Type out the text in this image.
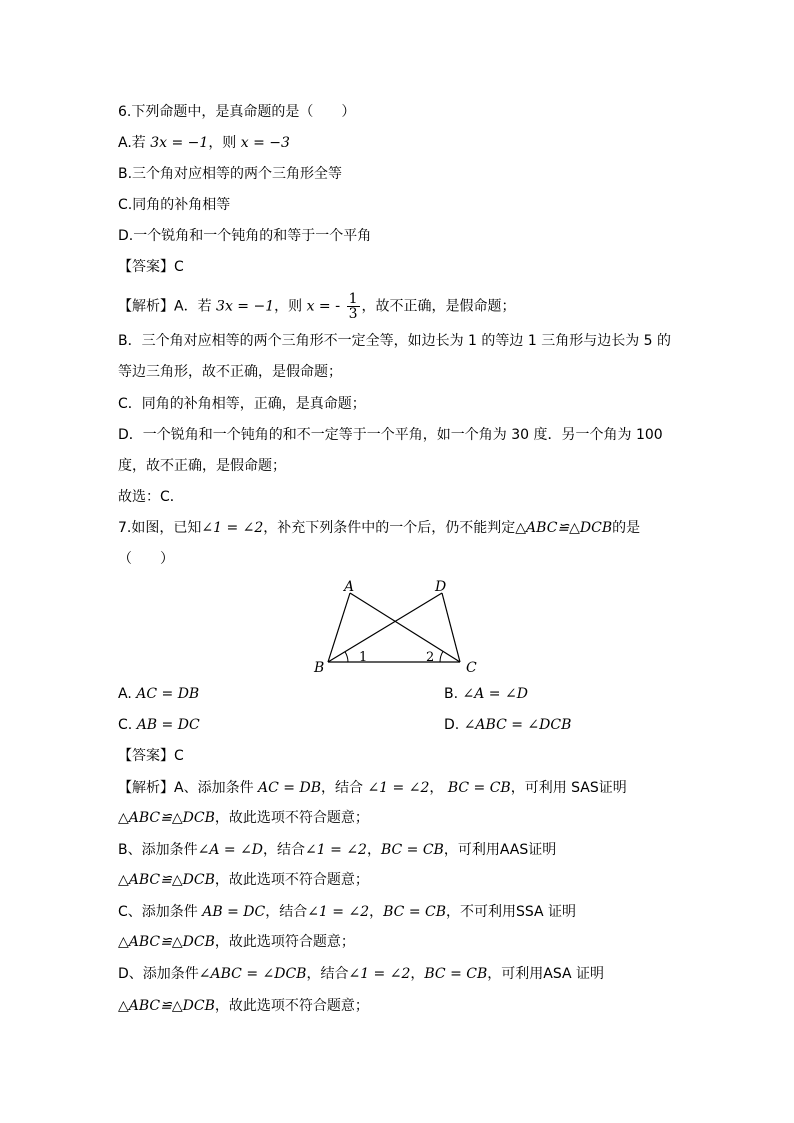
6.下列命题中，是真命题的是（　　）
A.若 3x = −1，则 x = −3
B.三个角对应相等的两个三角形全等
C.同角的补角相等
D.一个锐角和一个钝角的和等于一个平角
【答案】C
【解析】A．若 3x = −1，则 x = - $\frac{1}{3}$ ，故不正确，是假命题；
B．三个角对应相等的两个三角形不一定全等，如边长为 1 的等边 1 三角形与边长为 5 的
等边三角形，故不正确，是假命题；
C．同角的补角相等，正确，是真命题；
D．一个锐角和一个钝角的和不一定等于一个平角，如一个角为 30 度．另一个角为 100
度，故不正确，是假命题；
故选：C．
7.如图，已知∠1 = ∠2，补充下列条件中的一个后，仍不能判定△ABC≌△DCB的是
（　　）
A	D
B	C
1	2
A. AC = DB	B. ∠A = ∠D
C. AB = DC	D. ∠ABC = ∠DCB
【答案】C
【解析】A、添加条件 AC = DB，结合 ∠1 = ∠2， BC = CB，可利用 SAS证明
△ABC≌△DCB，故此选项不符合题意；
B、添加条件∠A = ∠D，结合∠1 = ∠2，BC = CB，可利用AAS证明
△ABC≌△DCB，故此选项不符合题意；
C、添加条件 AB = DC，结合∠1 = ∠2，BC = CB，不可利用SSA 证明
△ABC≌△DCB，故此选项符合题意；
D、添加条件∠ABC = ∠DCB，结合∠1 = ∠2，BC = CB，可利用ASA 证明
△ABC≌△DCB，故此选项不符合题意；
